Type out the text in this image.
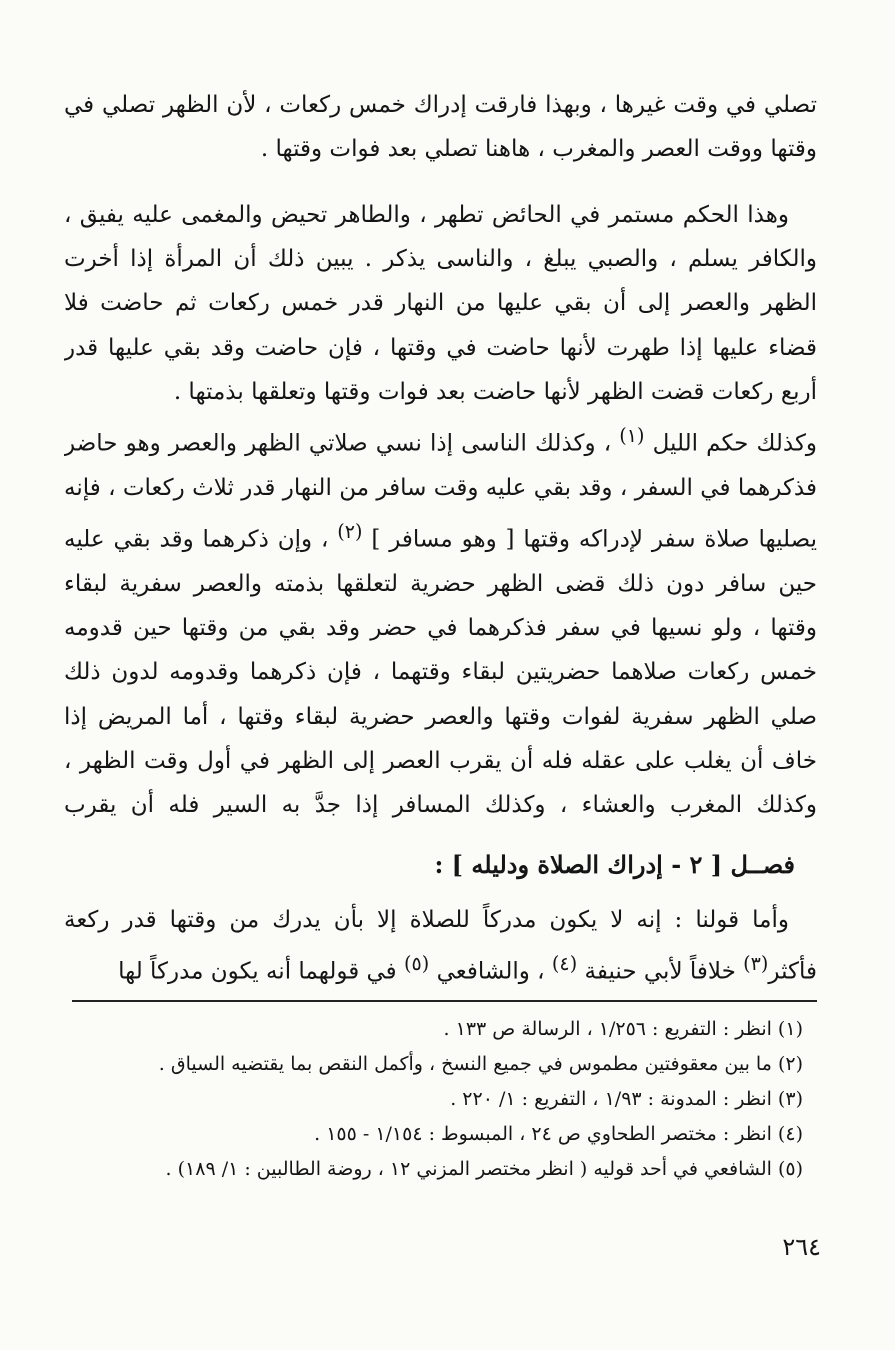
تصلي في وقت غيرها ، وبهذا فارقت إدراك خمس ركعات ، لأن الظهر تصلي في وقتها ووقت العصر والمغرب ، هاهنا تصلي بعد فوات وقتها .

وهذا الحكم مستمر في الحائض تطهر ، والطاهر تحيض والمغمى عليه يفيق ، والكافر يسلم ، والصبي يبلغ ، والناسى يذكر . يبين ذلك أن المرأة إذا أخرت الظهر والعصر إلى أن بقي عليها من النهار قدر خمس ركعات ثم حاضت فلا قضاء عليها إذا طهرت لأنها حاضت في وقتها ، فإن حاضت وقد بقي عليها قدر أربع ركعات قضت الظهر لأنها حاضت بعد فوات وقتها وتعلقها بذمتها .

وكذلك حكم الليل $^{(١)}$ ، وكذلك الناسى إذا نسي صلاتي الظهر والعصر وهو حاضر فذكرهما في السفر ، وقد بقي عليه وقت سافر من النهار قدر ثلاث ركعات ، فإنه يصليها صلاة سفر لإدراكه وقتها [ وهو مسافر ] $^{(٢)}$ ، وإن ذكرهما وقد بقي عليه حين سافر دون ذلك قضى الظهر حضرية لتعلقها بذمته والعصر سفرية لبقاء وقتها ، ولو نسيها في سفر فذكرهما في حضر وقد بقي من وقتها حين قدومه خمس ركعات صلاهما حضريتين لبقاء وقتهما ، فإن ذكرهما وقدومه لدون ذلك صلي الظهر سفرية لفوات وقتها والعصر حضرية لبقاء وقتها ، أما المريض إذا خاف أن يغلب على عقله فله أن يقرب العصر إلى الظهر في أول وقت الظهر ، وكذلك المغرب والعشاء ، وكذلك المسافر إذا جدَّ به السير فله أن يقرب

فصــل [ ٢ - إدراك الصلاة ودليله ] :

وأما قولنا : إنه لا يكون مدركاً للصلاة إلا بأن يدرك من وقتها قدر ركعة فأكثر$^{(٣)}$ خلافاً لأبي حنيفة $^{(٤)}$ ، والشافعي $^{(٥)}$ في قولهما أنه يكون مدركاً لها

(١) انظر : التفريع : ١/٢٥٦ ، الرسالة ص ١٣٣ .
(٢) ما بين معقوفتين مطموس في جميع النسخ ، وأكمل النقص بما يقتضيه السياق .
(٣) انظر : المدونة : ١/٩٣ ، التفريع : ١/ ٢٢٠ .
(٤) انظر : مختصر الطحاوي ص ٢٤ ، المبسوط : ١/١٥٤ - ١٥٥ .
(٥) الشافعي في أحد قوليه ( انظر مختصر المزني ١٢ ، روضة الطالبين : ١/ ١٨٩) .
٢٦٤
